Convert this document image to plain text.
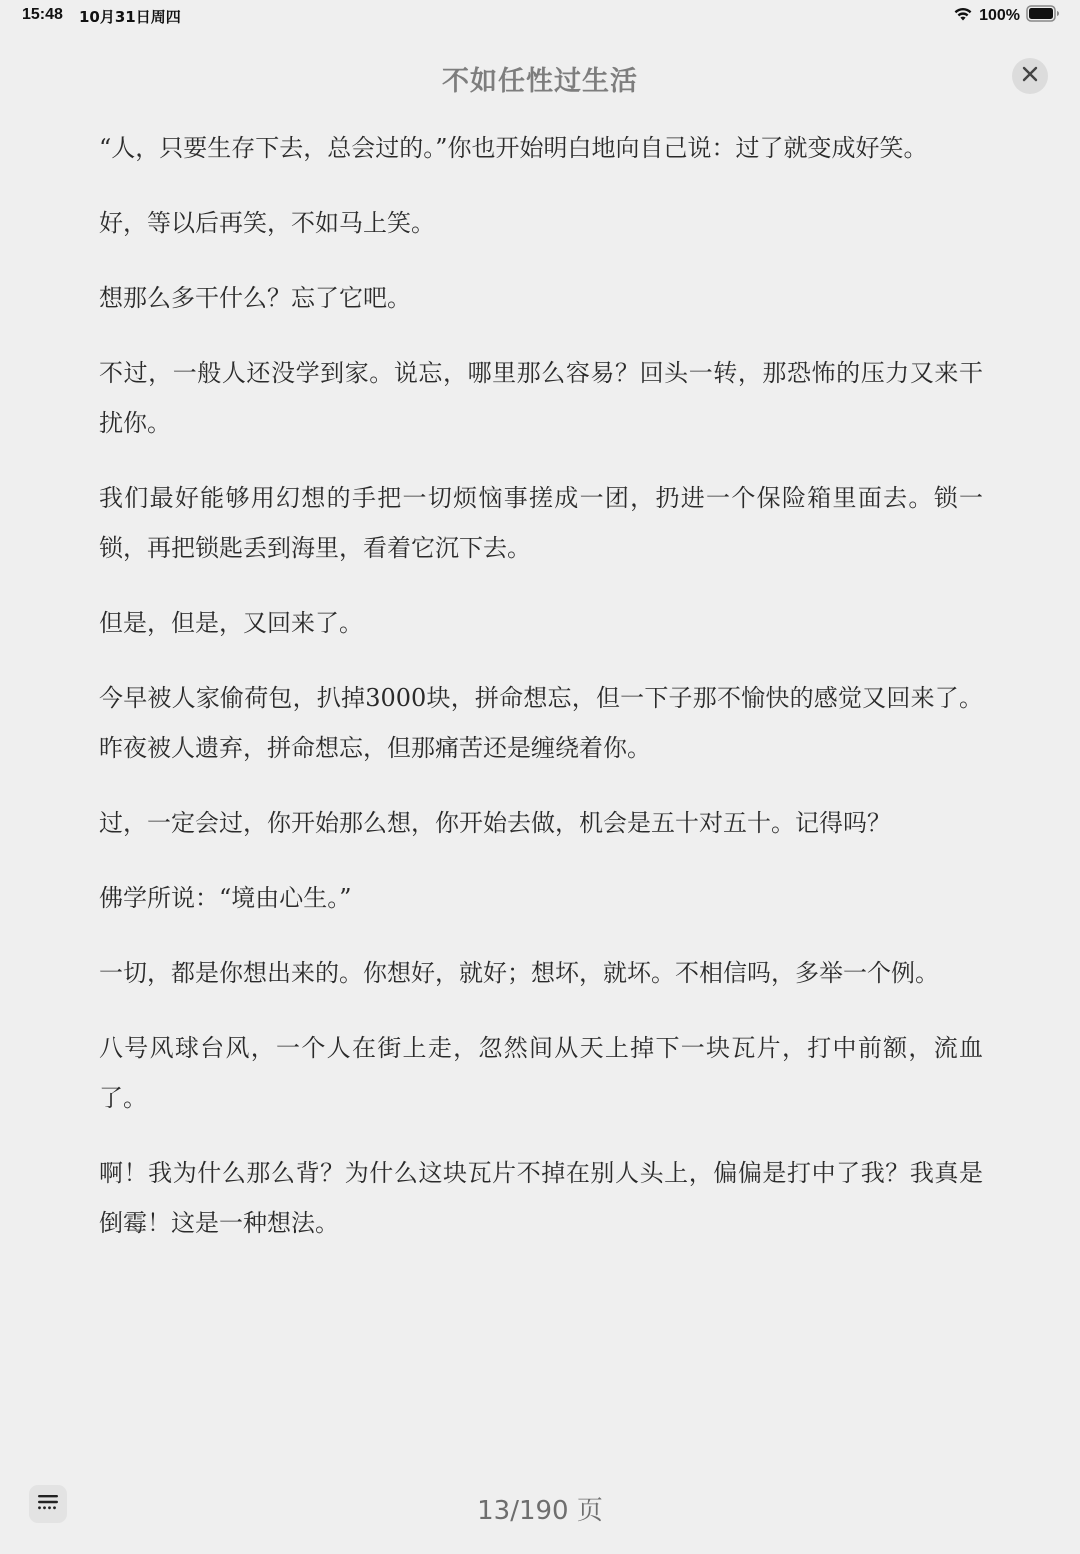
15:48 10月31日周四	100%
不如任性过生活

“人，只要生存下去，总会过的。”你也开始明白地向自己说：过了就变成好笑。

好，等以后再笑，不如马上笑。

想那么多干什么？忘了它吧。

不过，一般人还没学到家。说忘，哪里那么容易？回头一转，那恐怖的压力又来干扰你。

我们最好能够用幻想的手把一切烦恼事搓成一团，扔进一个保险箱里面去。锁一锁，再把锁匙丢到海里，看着它沉下去。

但是，但是，又回来了。

今早被人家偷荷包，扒掉3000块，拼命想忘，但一下子那不愉快的感觉又回来了。昨夜被人遗弃，拼命想忘，但那痛苦还是缠绕着你。

过，一定会过，你开始那么想，你开始去做，机会是五十对五十。记得吗？

佛学所说：“境由心生。”

一切，都是你想出来的。你想好，就好；想坏，就坏。不相信吗，多举一个例。

八号风球台风，一个人在街上走，忽然间从天上掉下一块瓦片，打中前额，流血了。

啊！我为什么那么背？为什么这块瓦片不掉在别人头上，偏偏是打中了我？我真是倒霉！这是一种想法。

13/190 页
